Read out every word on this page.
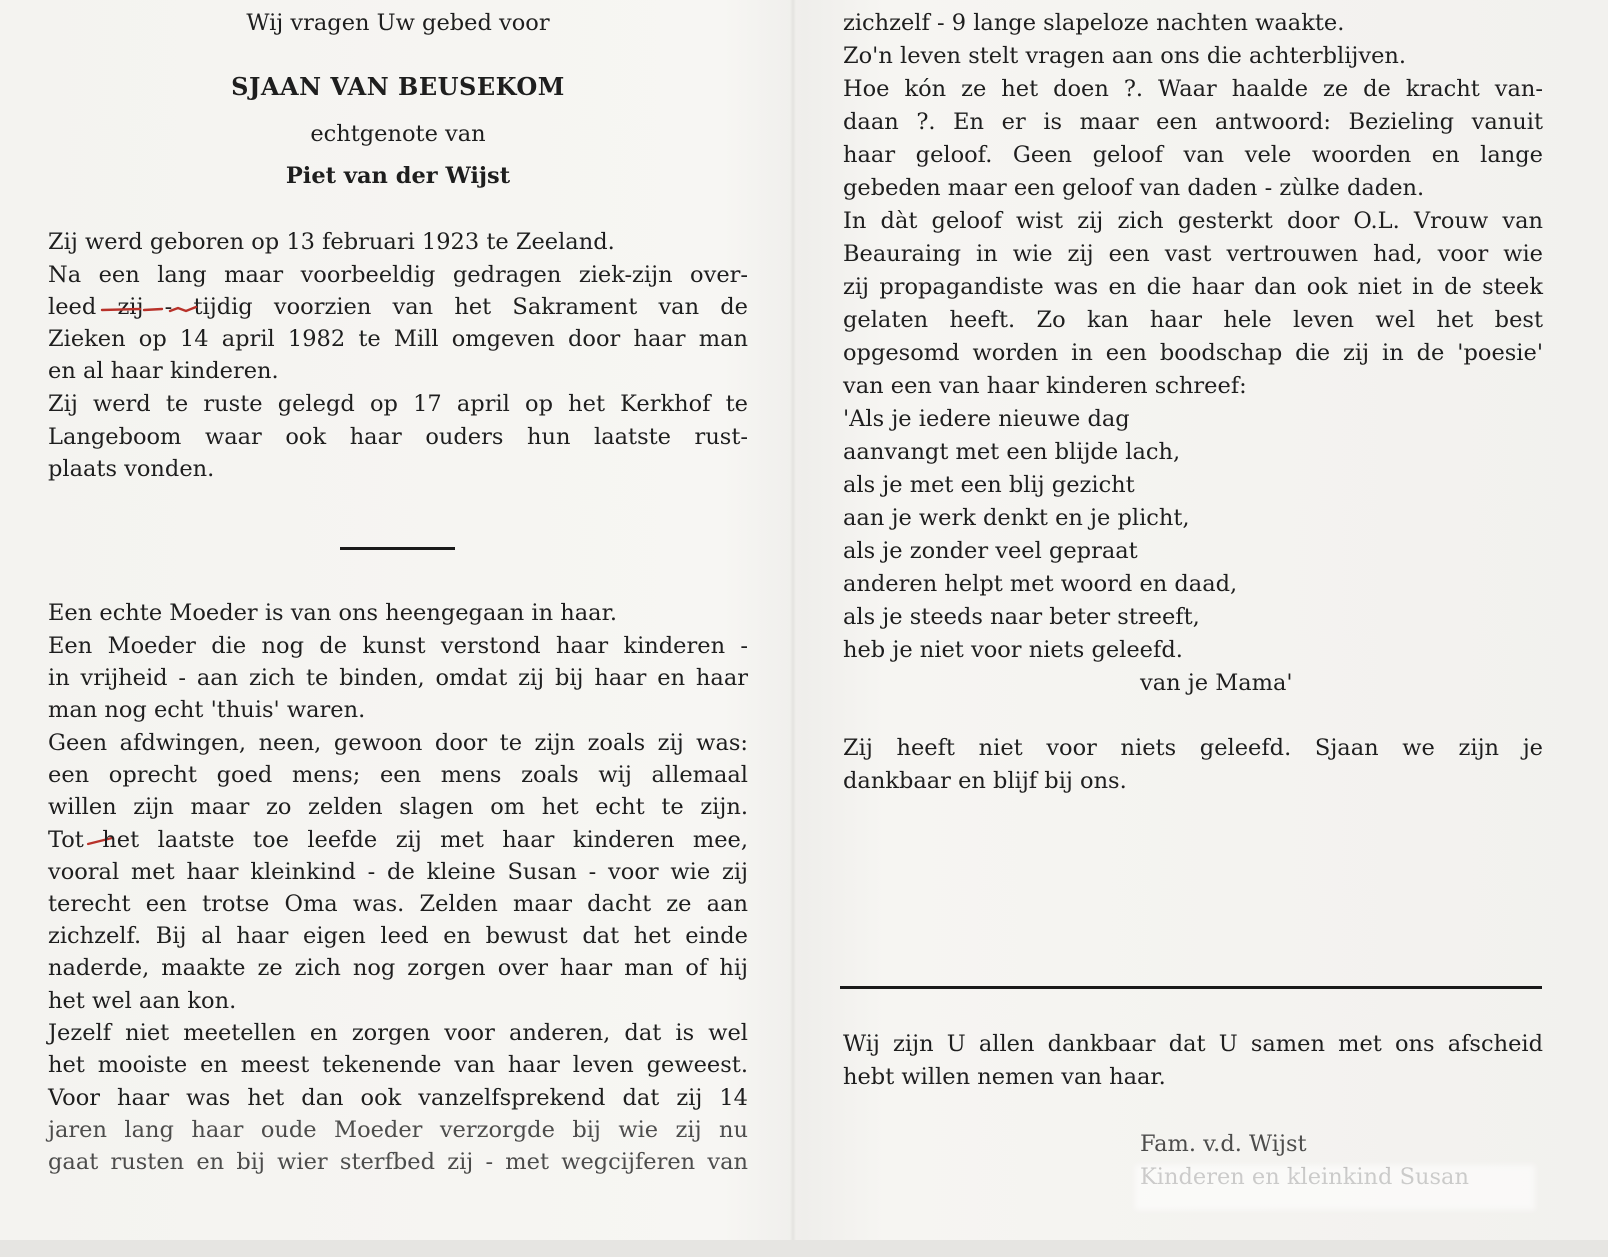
Wij vragen Uw gebed voor

SJAAN VAN BEUSEKOM

echtgenote van

Piet van der Wijst

Zij werd geboren op 13 februari 1923 te Zeeland.

Na een lang maar voorbeeldig gedragen ziek-zijn over-

leed zij - tijdig voorzien van het Sakrament van de

Zieken op 14 april 1982 te Mill omgeven door haar man

en al haar kinderen.

Zij werd te ruste gelegd op 17 april op het Kerkhof te

Langeboom waar ook haar ouders hun laatste rust-

plaats vonden.

Een echte Moeder is van ons heengegaan in haar.

Een Moeder die nog de kunst verstond haar kinderen -

in vrijheid - aan zich te binden, omdat zij bij haar en haar

man nog echt 'thuis' waren.

Geen afdwingen, neen, gewoon door te zijn zoals zij was:

een oprecht goed mens; een mens zoals wij allemaal

willen zijn maar zo zelden slagen om het echt te zijn.

Tot het laatste toe leefde zij met haar kinderen mee,

vooral met haar kleinkind - de kleine Susan - voor wie zij

terecht een trotse Oma was. Zelden maar dacht ze aan

zichzelf. Bij al haar eigen leed en bewust dat het einde

naderde, maakte ze zich nog zorgen over haar man of hij

het wel aan kon.

Jezelf niet meetellen en zorgen voor anderen, dat is wel

het mooiste en meest tekenende van haar leven geweest.

Voor haar was het dan ook vanzelfsprekend dat zij 14

jaren lang haar oude Moeder verzorgde bij wie zij nu

gaat rusten en bij wier sterfbed zij - met wegcijferen van

zichzelf - 9 lange slapeloze nachten waakte.

Zo'n leven stelt vragen aan ons die achterblijven.

Hoe kón ze het doen ?. Waar haalde ze de kracht van-

daan ?. En er is maar een antwoord: Bezieling vanuit

haar geloof. Geen geloof van vele woorden en lange

gebeden maar een geloof van daden - zùlke daden.

In dàt geloof wist zij zich gesterkt door O.L. Vrouw van

Beauraing in wie zij een vast vertrouwen had, voor wie

zij propagandiste was en die haar dan ook niet in de steek

gelaten heeft. Zo kan haar hele leven wel het best

opgesomd worden in een boodschap die zij in de 'poesie'

van een van haar kinderen schreef:

'Als je iedere nieuwe dag

aanvangt met een blijde lach,

als je met een blij gezicht

aan je werk denkt en je plicht,

als je zonder veel gepraat

anderen helpt met woord en daad,

als je steeds naar beter streeft,

heb je niet voor niets geleefd.

van je Mama'

Zij heeft niet voor niets geleefd. Sjaan we zijn je

dankbaar en blijf bij ons.

Wij zijn U allen dankbaar dat U samen met ons afscheid

hebt willen nemen van haar.

Fam. v.d. Wijst
